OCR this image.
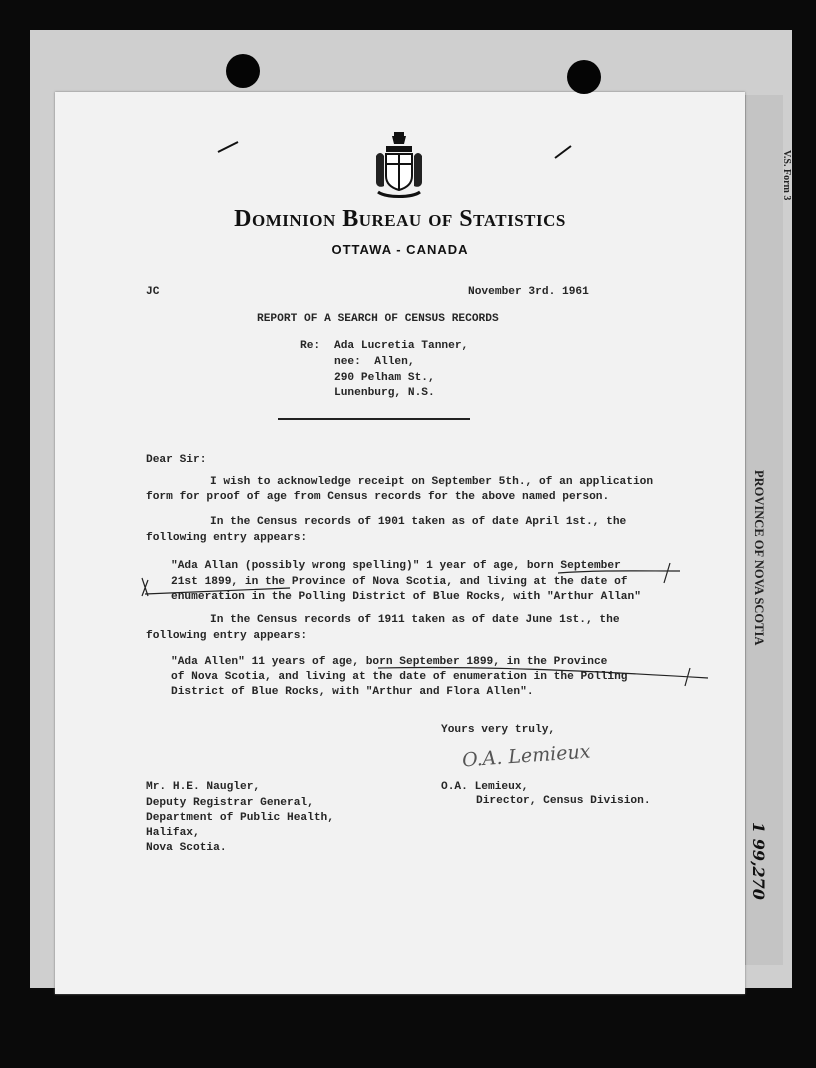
V.S. Form 3
PROVINCE OF NOVA SCOTIA
1 99,270
Dominion Bureau of Statistics
OTTAWA - CANADA
JC	November 3rd. 1961
REPORT OF A SEARCH OF CENSUS RECORDS
Re: Ada Lucretia Tanner,
nee:  Allen,
290 Pelham St.,
Lunenburg, N.S.
Dear Sir:
I wish to acknowledge receipt on September 5th., of an application
form for proof of age from Census records for the above named person.
In the Census records of 1901 taken as of date April 1st., the
following entry appears:
"Ada Allan (possibly wrong spelling)" 1 year of age, born September
21st 1899, in the Province of Nova Scotia, and living at the date of
enumeration in the Polling District of Blue Rocks, with "Arthur Allan"
In the Census records of 1911 taken as of date June 1st., the
following entry appears:
"Ada Allen" 11 years of age, born September 1899, in the Province
of Nova Scotia, and living at the date of enumeration in the Polling
District of Blue Rocks, with "Arthur and Flora Allen".
Yours very truly,
O.A. Lemieux
O.A. Lemieux,
Director, Census Division.
Mr. H.E. Naugler,
Deputy Registrar General,
Department of Public Health,
Halifax,
Nova Scotia.
